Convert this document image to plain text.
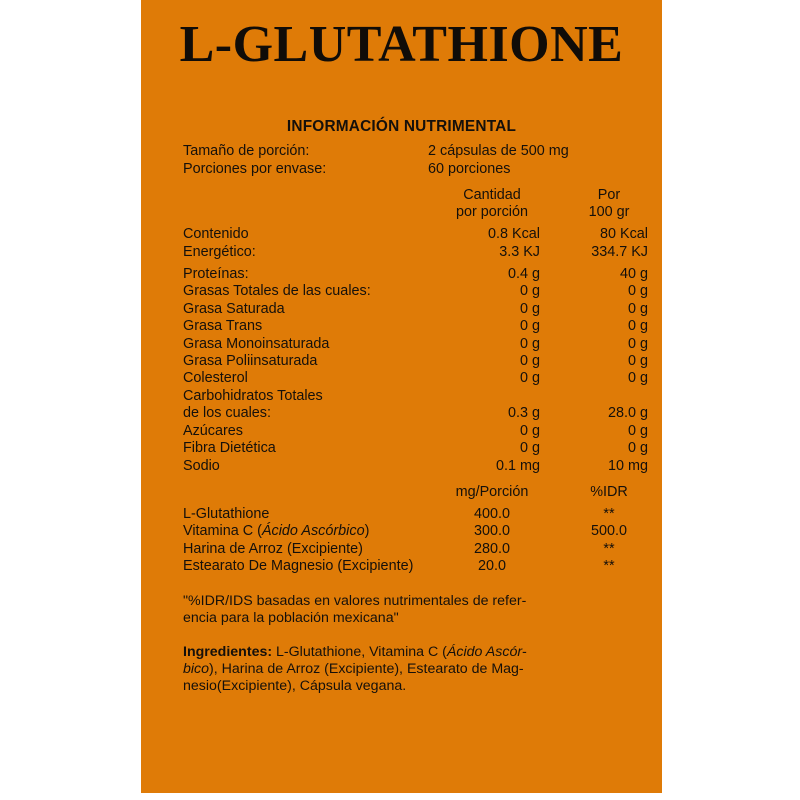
L-GLUTATHIONE
INFORMACIÓN NUTRIMENTAL
Tamaño de porción:	2 cápsulas de 500 mg	
Porciones por envase:	60 porciones	

	Cantidad	Por
	por porción	100 gr

Contenido	0.8 Kcal	80 Kcal
Energético:	3.3 KJ	334.7 KJ

Proteínas:	0.4 g	40 g
Grasas Totales de las cuales:	0 g	0 g
Grasa Saturada	0 g	0 g
Grasa Trans	0 g	0 g
Grasa Monoinsaturada	0 g	0 g
Grasa Poliinsaturada	0 g	0 g
Colesterol	0 g	0 g
Carbohidratos Totales		
de los cuales:	0.3 g	28.0 g
Azúcares	0 g	0 g
Fibra Dietética	0 g	0 g
Sodio	0.1 mg	10 mg

	mg/Porción	%IDR

L-Glutathione	400.0	**
Vitamina C (Ácido Ascórbico)	300.0	500.0
Harina de Arroz (Excipiente)	280.0	**
Estearato De Magnesio (Excipiente)	20.0	**
"%IDR/IDS basadas en valores nutrimentales de refer-
encia para la población mexicana"
Ingredientes: L-Glutathione, Vitamina C (Ácido Ascór-
bico), Harina de Arroz (Excipiente), Estearato de Mag-
nesio(Excipiente), Cápsula vegana.
